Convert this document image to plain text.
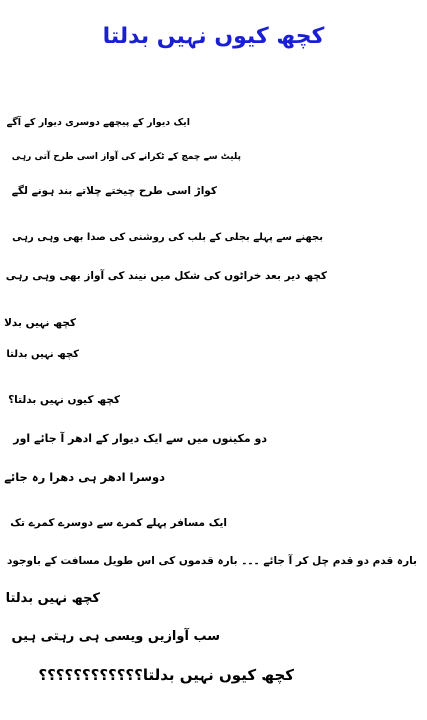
کچھ کیوں نہیں بدلتا
ایک دیوار کے پیچھے دوسری دیوار کے آگے
پلیٹ سے چمچ کے ٹکرانے کی آواز اسی طرح آتی رہی
کواڑ اسی طرح چیختے چلاتے بند ہونے لگے
بجھنے سے پہلے بجلی کے بلب کی روشنی کی صدا بھی وہی رہی
کچھ دیر بعد خراٹوں کی شکل میں نیند کی آواز بھی وہی رہی
کچھ نہیں بدلا
کچھ نہیں بدلتا
کچھ کیوں نہیں بدلتا؟
دو مکینوں میں سے ایک دیوار کے ادھر آ جائے اور
دوسرا ادھر ہی دھرا رہ جائے
ایک مسافر پہلے کمرے سے دوسرے کمرے تک
بارہ قدم دو قدم چل کر آ جائے ۔۔۔ بارہ قدموں کی اس طویل مسافت کے باوجود
کچھ نہیں بدلتا
سب آوازیں ویسی ہی رہتی ہیں
کچھ کیوں نہیں بدلتا؟؟؟؟؟؟؟؟؟؟؟؟
